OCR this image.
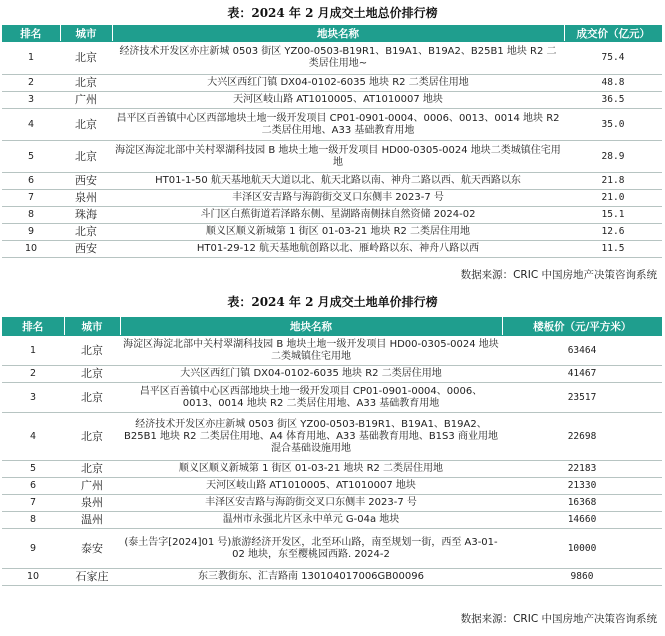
表：2024 年 2 月成交土地总价排行榜
排名	城市	地块名称	成交价（亿元）
1	北京	经济技术开发区亦庄新城 0503 街区 YZ00-0503-B19R1、B19A1、B19A2、B25B1 地块 R2 二类居住用地~	75.4
2	北京	大兴区西红门镇 DX04-0102-6035 地块 R2 二类居住用地	48.8
3	广州	天河区岐山路 AT1010005、AT1010007 地块	36.5
4	北京	昌平区百善镇中心区西部地块土地一级开发项目 CP01-0901-0004、0006、0013、0014 地块 R2 二类居住用地、A33 基础教育用地	35.0
5	北京	海淀区海淀北部中关村翠湖科技园 B 地块土地一级开发项目 HD00-0305-0024 地块二类城镇住宅用地	28.9
6	西安	HT01-1-50 航天基地航天大道以北、航天北路以南、神舟二路以西、航天西路以东	21.8
7	泉州	丰泽区安吉路与海韵街交叉口东侧丰 2023-7 号	21.0
8	珠海	斗门区白蕉街道若泽路东侧、星湖路南侧抹自然资储 2024-02	15.1
9	北京	顺义区顺义新城第 1 街区 01-03-21 地块 R2 二类居住用地	12.6
10	西安	HT01-29-12 航天基地航创路以北、雁岭路以东、神舟八路以西	11.5
数据来源：CRIC 中国房地产决策咨询系统
表：2024 年 2 月成交土地单价排行榜
排名	城市	地块名称	楼板价（元/平方米）
1	北京	海淀区海淀北部中关村翠湖科技园 B 地块土地一级开发项目 HD00-0305-0024 地块二类城镇住宅用地	63464
2	北京	大兴区西红门镇 DX04-0102-6035 地块 R2 二类居住用地	41467
3	北京	昌平区百善镇中心区西部地块土地一级开发项目 CP01-0901-0004、0006、0013、0014 地块 R2 二类居住用地、A33 基础教育用地	23517
4	北京	经济技术开发区亦庄新城 0503 街区 YZ00-0503-B19R1、B19A1、B19A2、B25B1 地块 R2 二类居住用地、A4 体育用地、A33 基础教育用地、B1S3 商业用地混合基础设施用地	22698
5	北京	顺义区顺义新城第 1 街区 01-03-21 地块 R2 二类居住用地	22183
6	广州	天河区岐山路 AT1010005、AT1010007 地块	21330
7	泉州	丰泽区安吉路与海韵街交叉口东侧丰 2023-7 号	16368
8	温州	温州市永强北片区永中单元 G-04a 地块	14660
9	泰安	(泰土告字[2024]01 号)旅游经济开发区，北至环山路，南至规划一街，西至 A3-01-02 地块，东至樱桃园西路. 2024-2	10000
10	石家庄	东三教街东、汇吉路南 130104017006GB00096	9860
数据来源：CRIC 中国房地产决策咨询系统
